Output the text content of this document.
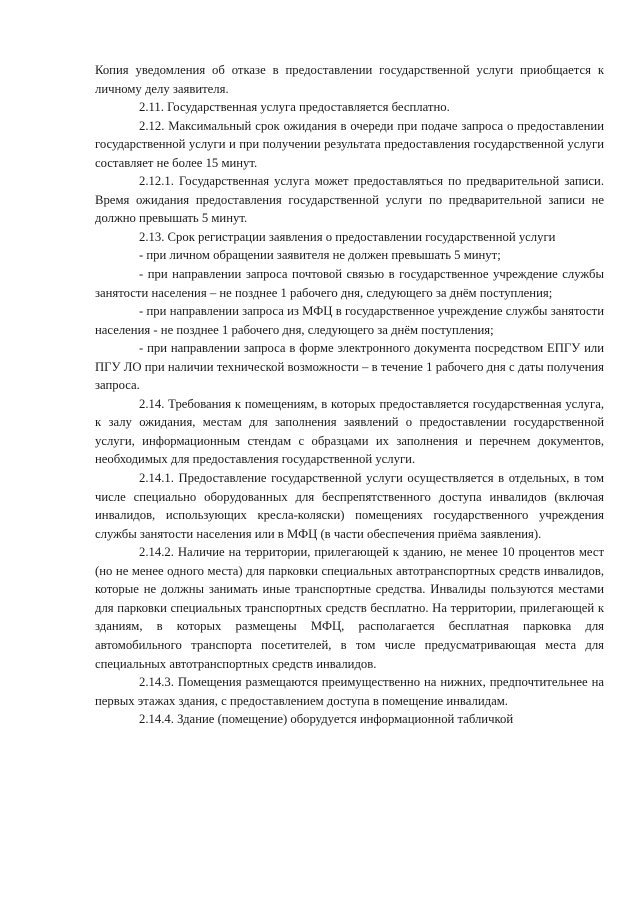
Копия уведомления об отказе в предоставлении государственной услуги приобщается к личному делу заявителя.

2.11. Государственная услуга предоставляется бесплатно.

2.12. Максимальный срок ожидания в очереди при подаче запроса о предоставлении государственной услуги и при получении результата предоставления государственной услуги составляет не более 15 минут.

2.12.1. Государственная услуга может предоставляться по предварительной записи. Время ожидания предоставления государственной услуги по предварительной записи не должно превышать 5 минут.

2.13. Срок регистрации заявления о предоставлении государственной услуги

- при личном обращении заявителя не должен превышать 5 минут;

- при направлении запроса почтовой связью в государственное учреждение службы занятости населения – не позднее 1 рабочего дня, следующего за днём поступления;

- при направлении запроса из МФЦ в государственное учреждение службы занятости населения - не позднее 1 рабочего дня, следующего за днём поступления;

- при направлении запроса в форме электронного документа посредством ЕПГУ или ПГУ ЛО при наличии технической возможности – в течение 1 рабочего дня с даты получения запроса.

2.14. Требования к помещениям, в которых предоставляется государственная услуга, к залу ожидания, местам для заполнения заявлений о предоставлении государственной услуги, информационным стендам с образцами их заполнения и перечнем документов, необходимых для предоставления государственной услуги.

2.14.1. Предоставление государственной услуги осуществляется в отдельных, в том числе специально оборудованных для беспрепятственного доступа инвалидов (включая инвалидов, использующих кресла-коляски) помещениях государственного учреждения службы занятости населения или в МФЦ (в части обеспечения приёма заявления).

2.14.2. Наличие на территории, прилегающей к зданию, не менее 10 процентов мест (но не менее одного места) для парковки специальных автотранспортных средств инвалидов, которые не должны занимать иные транспортные средства. Инвалиды пользуются местами для парковки специальных транспортных средств бесплатно. На территории, прилегающей к зданиям, в которых размещены МФЦ, располагается бесплатная парковка для автомобильного транспорта посетителей, в том числе предусматривающая места для специальных автотранспортных средств инвалидов.

2.14.3. Помещения размещаются преимущественно на нижних, предпочтительнее на первых этажах здания, с предоставлением доступа в помещение инвалидам.

2.14.4. Здание (помещение) оборудуется информационной табличкой
